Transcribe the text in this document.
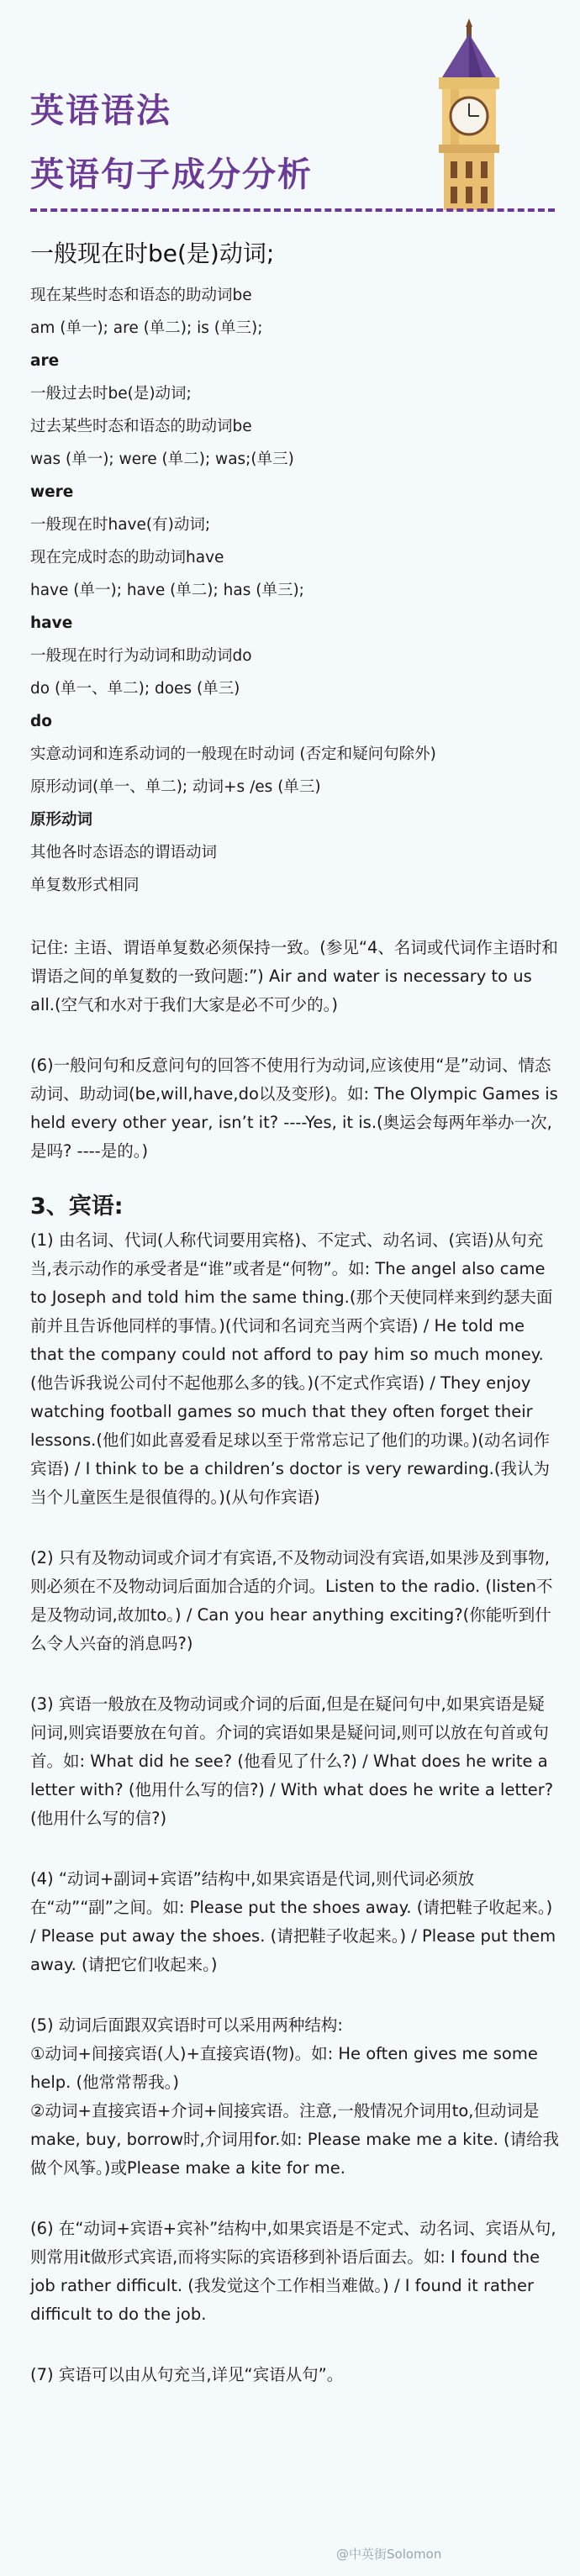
英语语法
英语句子成分分析

一般现在时be(是)动词;

现在某些时态和语态的助动词be

am (单一); are (单二); is (单三);

are

一般过去时be(是)动词;

过去某些时态和语态的助动词be

was (单一); were (单二); was;(单三)

were

一般现在时have(有)动词;

现在完成时态的助动词have

have (单一); have (单二); has (单三);

have

一般现在时行为动词和助动词do

do (单一、单二); does (单三)

do

实意动词和连系动词的一般现在时动词 (否定和疑问句除外)

原形动词(单一、单二); 动词+s /es (单三)

原形动词

其他各时态语态的谓语动词

单复数形式相同

记住: 主语、谓语单复数必须保持一致。(参见“4、名词或代词作主语时和谓语之间的单复数的一致问题:”) Air and water is necessary to us all.(空气和水对于我们大家是必不可少的。)

(6)一般问句和反意问句的回答不使用行为动词,应该使用“是”动词、情态动词、助动词(be,will,have,do以及变形)。如: The Olympic Games is held every other year, isn’t it? ----Yes, it is.(奥运会每两年举办一次,是吗? ----是的。)

3、宾语:

(1) 由名词、代词(人称代词要用宾格)、不定式、动名词、(宾语)从句充当,表示动作的承受者是“谁”或者是“何物”。如: The angel also came to Joseph and told him the same thing.(那个天使同样来到约瑟夫面前并且告诉他同样的事情。)(代词和名词充当两个宾语) / He told me that the company could not afford to pay him so much money.(他告诉我说公司付不起他那么多的钱。)(不定式作宾语) / They enjoy watching football games so much that they often forget their lessons.(他们如此喜爱看足球以至于常常忘记了他们的功课。)(动名词作宾语) / I think to be a children’s doctor is very rewarding.(我认为当个儿童医生是很值得的。)(从句作宾语)

(2) 只有及物动词或介词才有宾语,不及物动词没有宾语,如果涉及到事物,则必须在不及物动词后面加合适的介词。Listen to the radio. (listen不是及物动词,故加to。) / Can you hear anything exciting?(你能听到什么令人兴奋的消息吗?)

(3) 宾语一般放在及物动词或介词的后面,但是在疑问句中,如果宾语是疑问词,则宾语要放在句首。介词的宾语如果是疑问词,则可以放在句首或句首。如: What did he see? (他看见了什么?) / What does he write a letter with? (他用什么写的信?) / With what does he write a letter? (他用什么写的信?)

(4) “动词+副词+宾语”结构中,如果宾语是代词,则代词必须放在“动”“副”之间。如: Please put the shoes away. (请把鞋子收起来。) / Please put away the shoes. (请把鞋子收起来。) / Please put them away. (请把它们收起来。)

(5) 动词后面跟双宾语时可以采用两种结构:

①动词+间接宾语(人)+直接宾语(物)。如: He often gives me some help. (他常常帮我。)

②动词+直接宾语+介词+间接宾语。注意,一般情况介词用to,但动词是make, buy, borrow时,介词用for.如: Please make me a kite. (请给我做个风筝。)或Please make a kite for me.

(6) 在“动词+宾语+宾补”结构中,如果宾语是不定式、动名词、宾语从句,则常用it做形式宾语,而将实际的宾语移到补语后面去。如: I found the job rather difficult. (我发觉这个工作相当难做。) / I found it rather difficult to do the job.

(7) 宾语可以由从句充当,详见“宾语从句”。

@中英街Solomon
